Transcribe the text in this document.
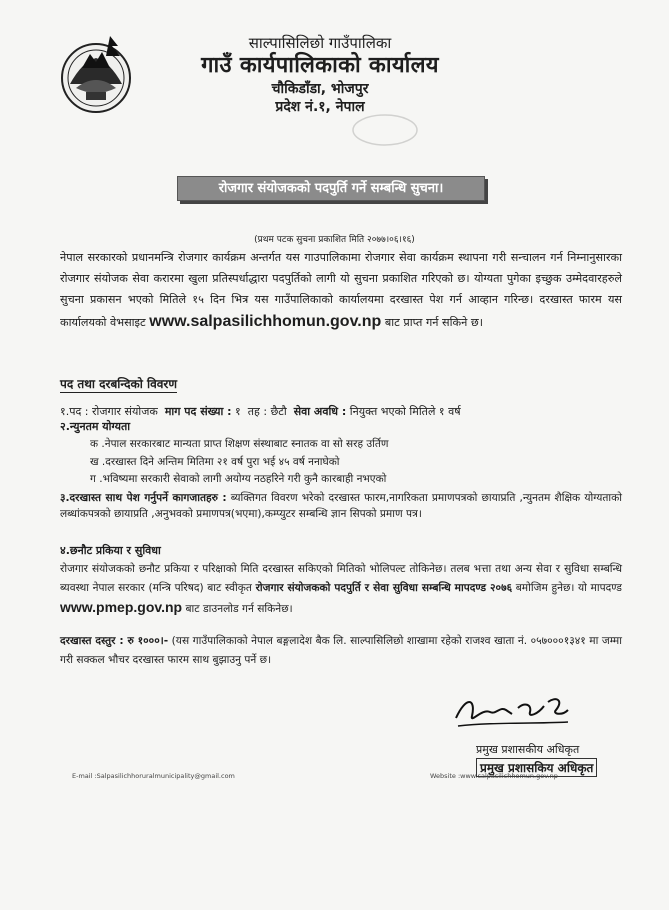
साल्पासिलिछो गाउँपालिका
गाउँ कार्यपालिकाको कार्यालय
चौकिडाँडा, भोजपुर
प्रदेश नं.१, नेपाल
रोजगार संयोजकको पदपुर्ति गर्ने सम्बन्धि सुचना।
(प्रथम पटक सुचना प्रकाशित मिति २०७७।०६।१६)
नेपाल सरकारको प्रधानमन्त्रि रोजगार कार्यक्रम अन्तर्गत यस गाउपालिकामा रोजगार सेवा कार्यक्रम स्थापना गरी सन्चालन गर्न निम्नानुसारका रोजगार संयोजक सेवा करारमा खुला प्रतिस्पर्धाद्धारा पदपुर्तिको लागी यो सुचना प्रकाशित गरिएको छ। योग्यता पुगेका इच्छुक उम्मेदवारहरुले सुचना प्रकासन भएको मितिले १५ दिन भित्र यस गाउँपालिकाको कार्यालयमा दरखास्त पेश गर्न आव्हान गरिन्छ। दरखास्त फारम यस कार्यालयको वेभसाइट www.salpasilichhomun.gov.np बाट प्राप्त गर्न सकिने छ।
पद तथा दरबन्दिको विवरण
१.पद : रोजगार संयोजक माग पद संख्या : १ तह : छैटौ सेवा अवधि : नियुक्त भएको मितिले १ वर्ष
२.न्युनतम योग्यता
क .नेपाल सरकारबाट मान्यता प्राप्त शिक्षण संस्थाबाट स्नातक वा सो सरह उर्तिण
ख .दरखास्त दिने अन्तिम मितिमा २१ वर्ष पुरा भई ४५ वर्ष ननाघेको
ग .भविष्यमा सरकारी सेवाको लागी अयोग्य नठहरिने गरी कुनै कारबाही नभएको
३.दरखास्त साथ पेश गर्नुपर्ने कागजातहरु : ब्यक्तिगत विवरण भरेको दरखास्त फारम,नागरिकता प्रमाणपत्रको छायाप्रति ,न्युनतम शैक्षिक योग्यताको लब्धांकपत्रको छायाप्रति ,अनुभवको प्रमाणपत्र(भएमा),कम्प्युटर सम्बन्धि ज्ञान सिपको प्रमाण पत्र।
४.छनौट प्रकिया र सुविधा
रोजगार संयोजकको छनौट प्रकिया र परिक्षाको मिति दरखास्त सकिएको मितिको भोलिपल्ट तोकिनेछ। तलब भत्ता तथा अन्य सेवा र सुविधा सम्बन्धि ब्यवस्था नेपाल सरकार (मन्त्रि परिषद) बाट स्वीकृत रोजगार संयोजकको पदपुर्ति र सेवा सुविधा सम्बन्धि मापदण्ड २०७६ बमोजिम हुनेछ। यो मापदण्ड www.pmep.gov.np बाट डाउनलोड गर्न सकिनेछ।
दरखास्त दस्तुर : रु १०००।- (यस गाउँपालिकाको नेपाल बङ्गलादेश बैक लि. साल्पासिलिछो शाखामा रहेको राजश्व खाता नं. ०५७०००१३४१ मा जम्मा गरी सक्कल भौचर दरखास्त फारम साथ बुझाउनु पर्ने छ।
प्रमुख प्रशासकीय अधिकृत
प्रमुख प्रशासकिय अधिकृत
E-mail :Salpasilichhoruralmunicipality@gmail.com	Website :www.salpasilichhomun.gov.np
